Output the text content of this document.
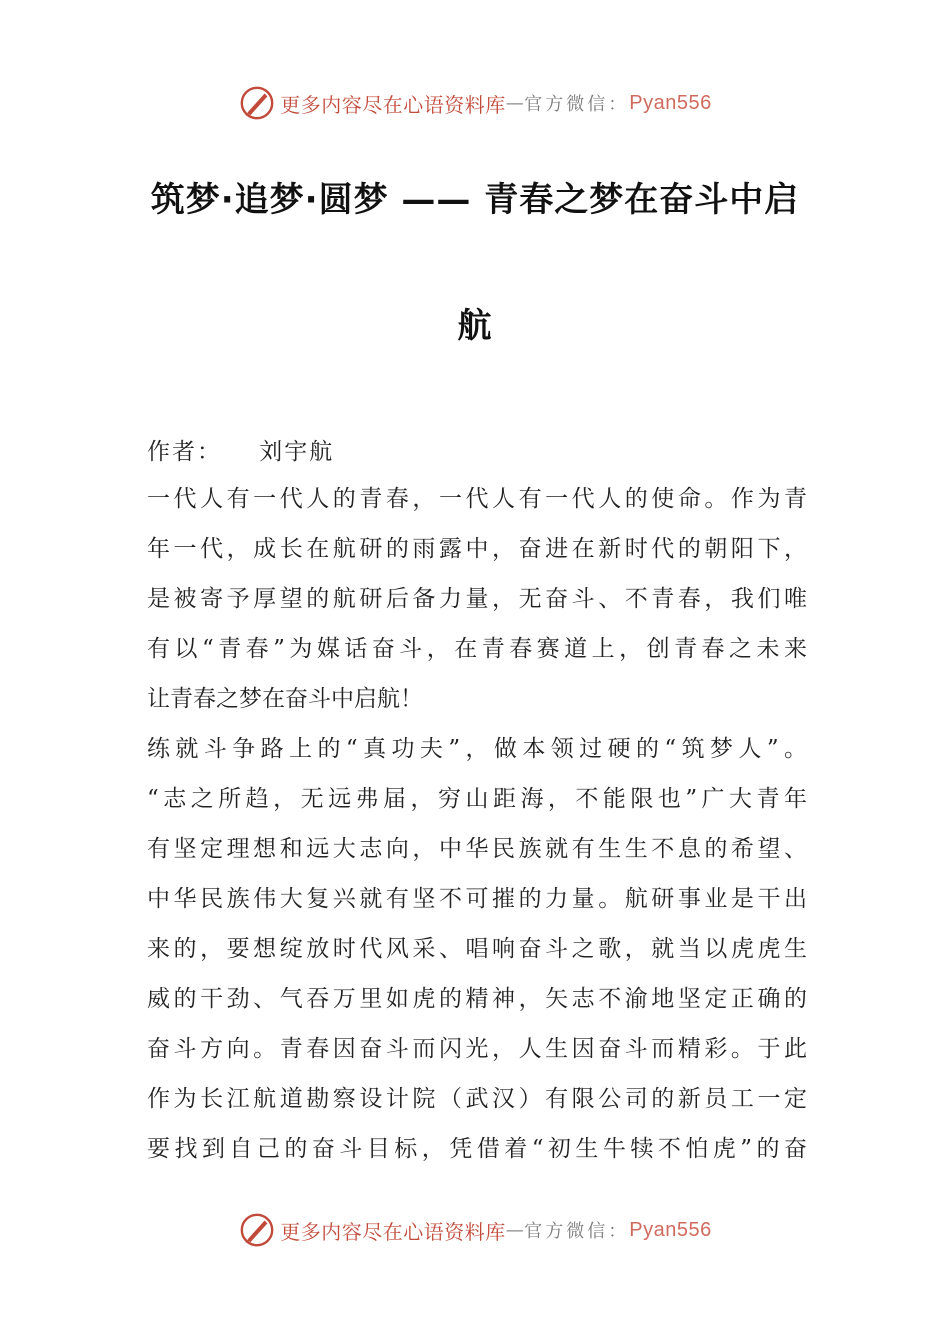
更多内容尽在心语资料库 — 官方微信： Pyan556
筑梦·追梦·圆梦 —— 青春之梦在奋斗中启
航
作者： 刘宇航
一代人有一代人的青春，一代人有一代人的使命。作为青
年一代，成长在航研的雨露中，奋进在新时代的朝阳下，
是被寄予厚望的航研后备力量，无奋斗、不青春，我们唯
有以“青春”为媒话奋斗，在青春赛道上，创青春之未来
让青春之梦在奋斗中启航！
练就斗争路上的“真功夫”，做本领过硬的“筑梦人”。
“志之所趋，无远弗届，穷山距海，不能限也”广大青年
有坚定理想和远大志向，中华民族就有生生不息的希望、
中华民族伟大复兴就有坚不可摧的力量。航研事业是干出
来的，要想绽放时代风采、唱响奋斗之歌，就当以虎虎生
威的干劲、气吞万里如虎的精神，矢志不渝地坚定正确的
奋斗方向。青春因奋斗而闪光，人生因奋斗而精彩。于此
作为长江航道勘察设计院（武汉）有限公司的新员工一定
要找到自己的奋斗目标，凭借着“初生牛犊不怕虎”的奋
更多内容尽在心语资料库 — 官方微信： Pyan556
